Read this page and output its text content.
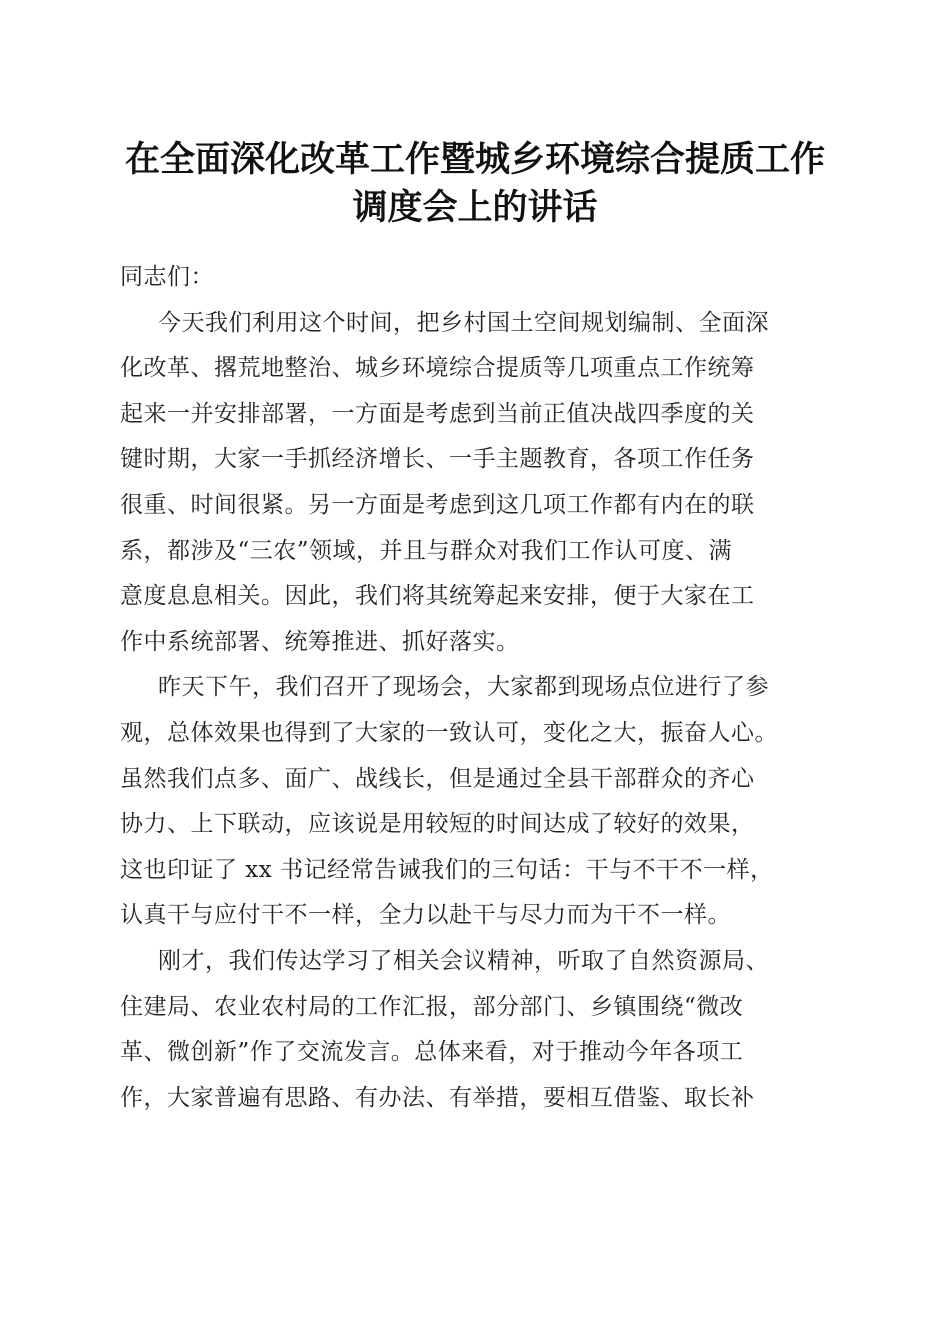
在全面深化改革工作暨城乡环境综合提质工作
调度会上的讲话
同志们：
今天我们利用这个时间，把乡村国土空间规划编制、全面深
化改革、撂荒地整治、城乡环境综合提质等几项重点工作统筹
起来一并安排部署，一方面是考虑到当前正值决战四季度的关
键时期，大家一手抓经济增长、一手主题教育，各项工作任务
很重、时间很紧。另一方面是考虑到这几项工作都有内在的联
系，都涉及“三农”领域，并且与群众对我们工作认可度、满
意度息息相关。因此，我们将其统筹起来安排，便于大家在工
作中系统部署、统筹推进、抓好落实。
昨天下午，我们召开了现场会，大家都到现场点位进行了参
观，总体效果也得到了大家的一致认可，变化之大，振奋人心。
虽然我们点多、面广、战线长，但是通过全县干部群众的齐心
协力、上下联动，应该说是用较短的时间达成了较好的效果，
这也印证了 xx 书记经常告诫我们的三句话：干与不干不一样，
认真干与应付干不一样，全力以赴干与尽力而为干不一样。
刚才，我们传达学习了相关会议精神，听取了自然资源局、
住建局、农业农村局的工作汇报，部分部门、乡镇围绕“微改
革、微创新”作了交流发言。总体来看，对于推动今年各项工
作，大家普遍有思路、有办法、有举措，要相互借鉴、取长补
